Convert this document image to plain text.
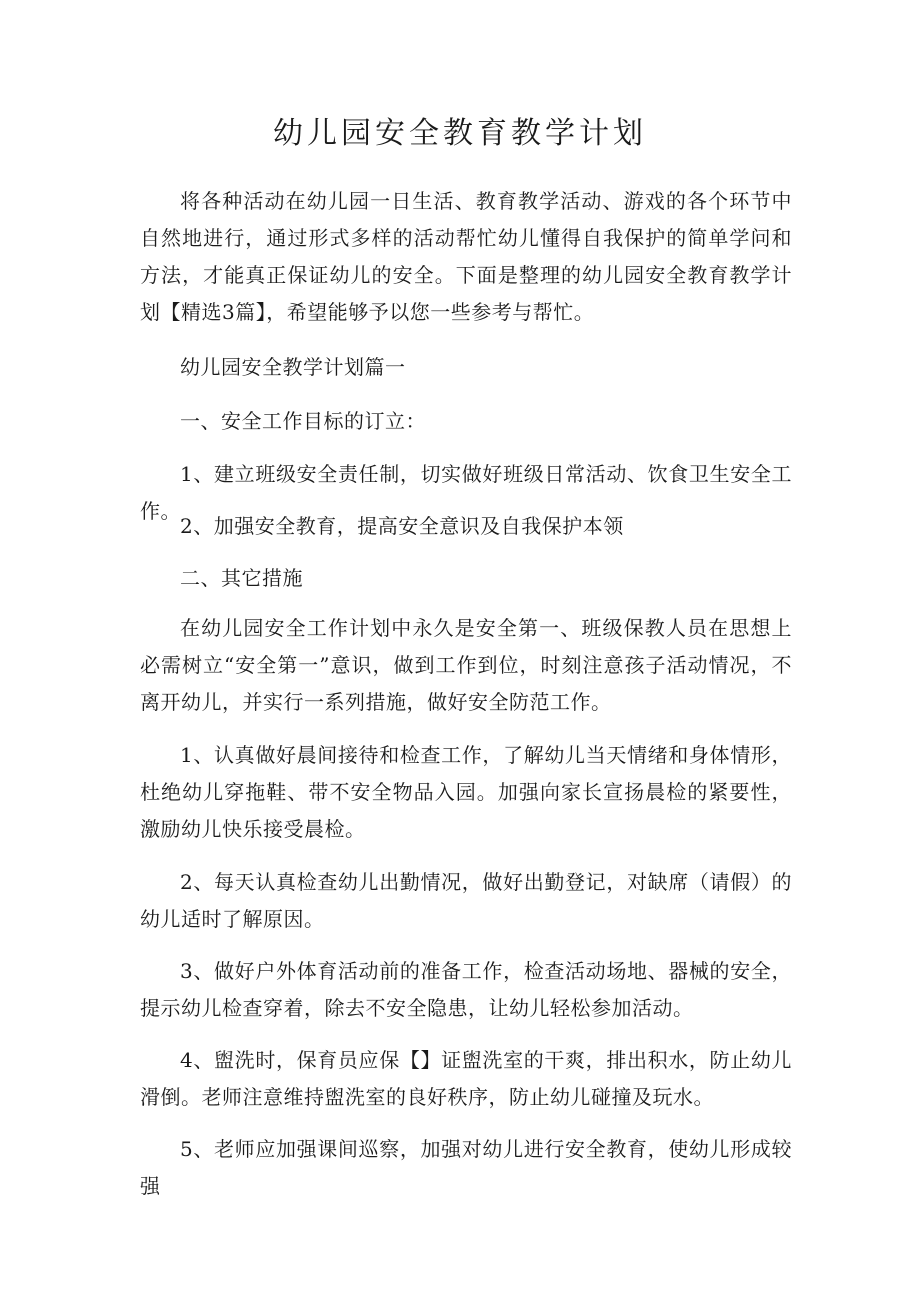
幼儿园安全教育教学计划

将各种活动在幼儿园一日生活、教育教学活动、游戏的各个环节中自然地进行，通过形式多样的活动帮忙幼儿懂得自我保护的简单学问和方法，才能真正保证幼儿的安全。下面是整理的幼儿园安全教育教学计划【精选3篇】，希望能够予以您一些参考与帮忙。

幼儿园安全教学计划篇一

一、安全工作目标的订立：

1、建立班级安全责任制，切实做好班级日常活动、饮食卫生安全工作。

2、加强安全教育，提高安全意识及自我保护本领

二、其它措施

在幼儿园安全工作计划中永久是安全第一、班级保教人员在思想上必需树立“安全第一”意识，做到工作到位，时刻注意孩子活动情况，不离开幼儿，并实行一系列措施，做好安全防范工作。

1、认真做好晨间接待和检查工作，了解幼儿当天情绪和身体情形，杜绝幼儿穿拖鞋、带不安全物品入园。加强向家长宣扬晨检的紧要性，激励幼儿快乐接受晨检。

2、每天认真检查幼儿出勤情况，做好出勤登记，对缺席（请假）的幼儿适时了解原因。

3、做好户外体育活动前的准备工作，检查活动场地、器械的安全，提示幼儿检查穿着，除去不安全隐患，让幼儿轻松参加活动。

4、盥洗时，保育员应保【】证盥洗室的干爽，排出积水，防止幼儿滑倒。老师注意维持盥洗室的良好秩序，防止幼儿碰撞及玩水。

5、老师应加强课间巡察，加强对幼儿进行安全教育，使幼儿形成较强
